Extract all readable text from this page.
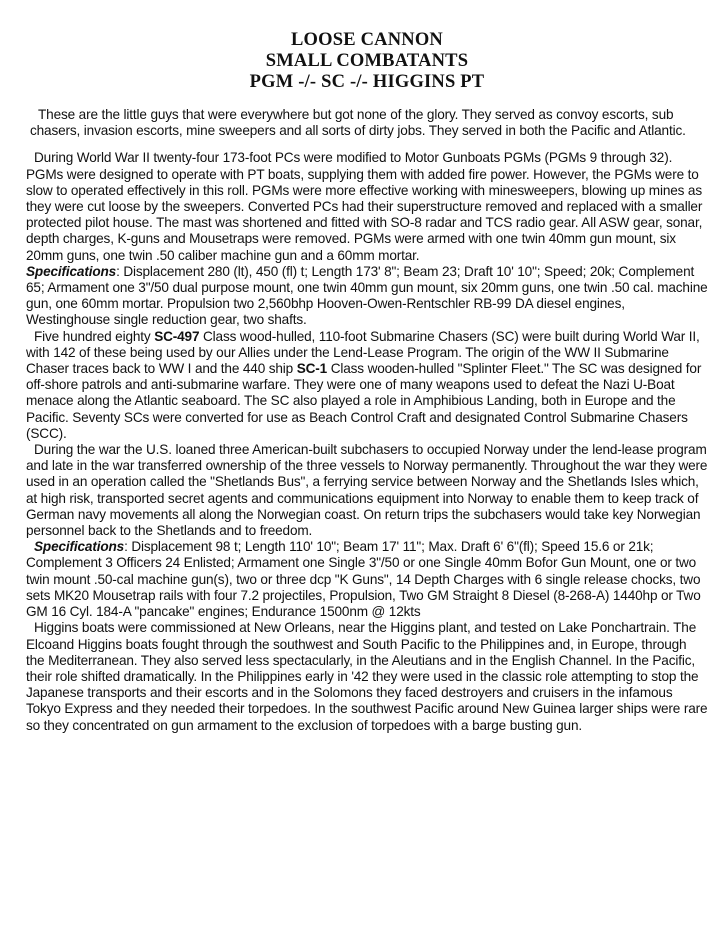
LOOSE CANNON
SMALL COMBATANTS
PGM -/- SC -/- HIGGINS PT

These are the little guys that were everywhere but got none of the glory. They served as convoy escorts, sub chasers, invasion escorts, mine sweepers and all sorts of dirty jobs. They served in both the Pacific and Atlantic.

During World War II twenty-four 173-foot PCs were modified to Motor Gunboats PGMs (PGMs 9 through 32). PGMs were designed to operate with PT boats, supplying them with added fire power. However, the PGMs were to slow to operated effectively in this roll. PGMs were more effective working with minesweepers, blowing up mines as they were cut loose by the sweepers. Converted PCs had their superstructure removed and replaced with a smaller protected pilot house. The mast was shortened and fitted with SO-8 radar and TCS radio gear. All ASW gear, sonar, depth charges, K-guns and Mousetraps were removed. PGMs were armed with one twin 40mm gun mount, six 20mm guns, one twin .50 caliber machine gun and a 60mm mortar.
Specifications: Displacement 280 (lt), 450 (fl) t; Length 173' 8"; Beam 23; Draft 10' 10"; Speed; 20k; Complement 65; Armament one 3"/50 dual purpose mount, one twin 40mm gun mount, six 20mm guns, one twin .50 cal. machine gun, one 60mm mortar. Propulsion two 2,560bhp Hooven-Owen-Rentschler RB-99 DA diesel engines, Westinghouse single reduction gear, two shafts.

Five hundred eighty SC-497 Class wood-hulled, 110-foot Submarine Chasers (SC) were built during World War II, with 142 of these being used by our Allies under the Lend-Lease Program. The origin of the WW II Submarine Chaser traces back to WW I and the 440 ship SC-1 Class wooden-hulled "Splinter Fleet." The SC was designed for off-shore patrols and anti-submarine warfare. They were one of many weapons used to defeat the Nazi U-Boat menace along the Atlantic seaboard. The SC also played a role in Amphibious Landing, both in Europe and the Pacific. Seventy SCs were converted for use as Beach Control Craft and designated Control Submarine Chasers (SCC).

During the war the U.S. loaned three American-built subchasers to occupied Norway under the lend-lease program and late in the war transferred ownership of the three vessels to Norway permanently. Throughout the war they were used in an operation called the "Shetlands Bus", a ferrying service between Norway and the Shetlands Isles which, at high risk, transported secret agents and communications equipment into Norway to enable them to keep track of German navy movements all along the Norwegian coast. On return trips the subchasers would take key Norwegian personnel back to the Shetlands and to freedom.

Specifications: Displacement 98 t; Length 110' 10"; Beam 17' 11"; Max. Draft 6' 6"(fl); Speed 15.6 or 21k; Complement 3 Officers 24 Enlisted; Armament one Single 3"/50 or one Single 40mm Bofor Gun Mount, one or two twin mount .50-cal machine gun(s), two or three dcp "K Guns", 14 Depth Charges with 6 single release chocks, two sets MK20 Mousetrap rails with four 7.2 projectiles, Propulsion, Two GM Straight 8 Diesel (8-268-A) 1440hp or Two GM 16 Cyl. 184-A "pancake" engines; Endurance 1500nm @ 12kts

Higgins boats were commissioned at New Orleans, near the Higgins plant, and tested on Lake Ponchartrain. The Elcoand Higgins boats fought through the southwest and South Pacific to the Philippines and, in Europe, through the Mediterranean. They also served less spectacularly, in the Aleutians and in the English Channel. In the Pacific, their role shifted dramatically. In the Philippines early in '42 they were used in the classic role attempting to stop the Japanese transports and their escorts and in the Solomons they faced destroyers and cruisers in the infamous Tokyo Express and they needed their torpedoes. In the southwest Pacific around New Guinea larger ships were rare so they concentrated on gun armament to the exclusion of torpedoes with a barge busting gun.
